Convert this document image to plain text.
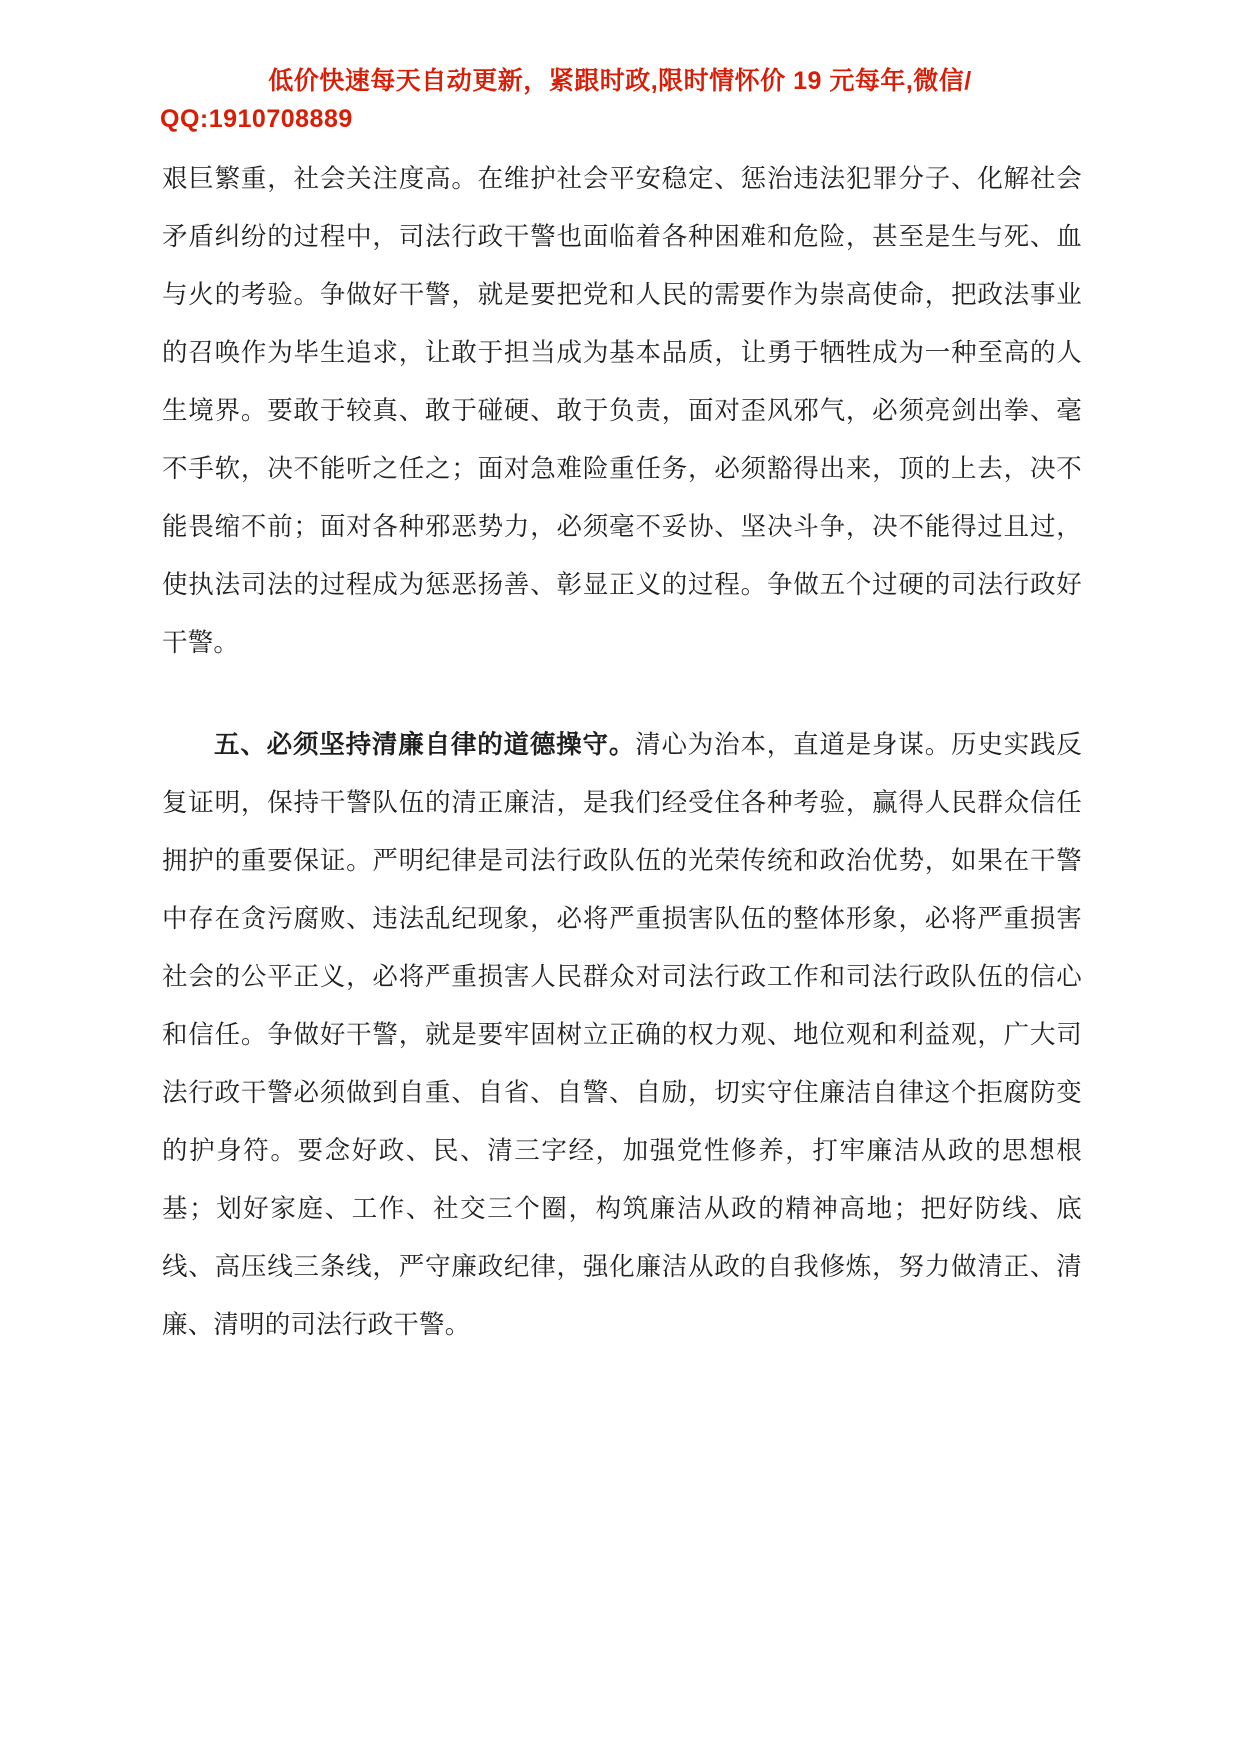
低价快速每天自动更新，紧跟时政,限时情怀价 19 元每年,微信/
QQ:1910708889

艰巨繁重，社会关注度高。在维护社会平安稳定、惩治违法犯罪分子、化解社会矛盾纠纷的过程中，司法行政干警也面临着各种困难和危险，甚至是生与死、血与火的考验。争做好干警，就是要把党和人民的需要作为崇高使命，把政法事业的召唤作为毕生追求，让敢于担当成为基本品质，让勇于牺牲成为一种至高的人生境界。要敢于较真、敢于碰硬、敢于负责，面对歪风邪气，必须亮剑出拳、毫不手软，决不能听之任之；面对急难险重任务，必须豁得出来，顶的上去，决不能畏缩不前；面对各种邪恶势力，必须毫不妥协、坚决斗争，决不能得过且过，使执法司法的过程成为惩恶扬善、彰显正义的过程。争做五个过硬的司法行政好干警。

五、必须坚持清廉自律的道德操守。清心为治本，直道是身谋。历史实践反复证明，保持干警队伍的清正廉洁，是我们经受住各种考验，赢得人民群众信任拥护的重要保证。严明纪律是司法行政队伍的光荣传统和政治优势，如果在干警中存在贪污腐败、违法乱纪现象，必将严重损害队伍的整体形象，必将严重损害社会的公平正义，必将严重损害人民群众对司法行政工作和司法行政队伍的信心和信任。争做好干警，就是要牢固树立正确的权力观、地位观和利益观，广大司法行政干警必须做到自重、自省、自警、自励，切实守住廉洁自律这个拒腐防变的护身符。要念好政、民、清三字经，加强党性修养，打牢廉洁从政的思想根基；划好家庭、工作、社交三个圈，构筑廉洁从政的精神高地；把好防线、底线、高压线三条线，严守廉政纪律，强化廉洁从政的自我修炼，努力做清正、清廉、清明的司法行政干警。
